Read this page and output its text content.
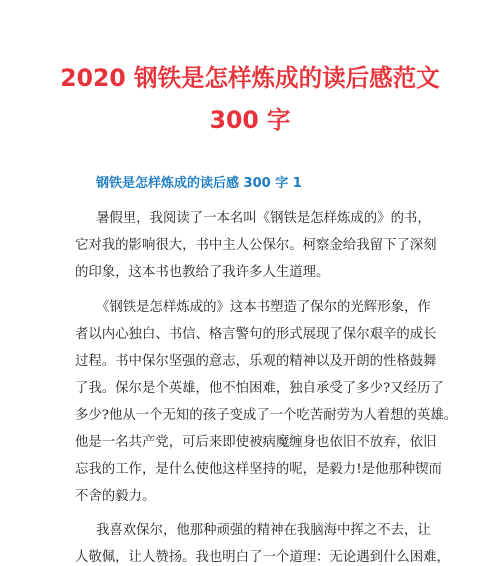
2020 钢铁是怎样炼成的读后感范文
300 字
钢铁是怎样炼成的读后感 300 字 1
暑假里，我阅读了一本名叫《钢铁是怎样炼成的》的书，
它对我的影响很大，书中主人公保尔。柯察金给我留下了深刻
的印象，这本书也教给了我许多人生道理。
《钢铁是怎样炼成的》这本书塑造了保尔的光辉形象，作
者以内心独白、书信、格言警句的形式展现了保尔艰辛的成长
过程。书中保尔坚强的意志，乐观的精神以及开朗的性格鼓舞
了我。保尔是个英雄，他不怕困难，独自承受了多少?又经历了
多少?他从一个无知的孩子变成了一个吃苦耐劳为人着想的英雄。
他是一名共产党，可后来即使被病魔缠身也依旧不放弃，依旧
忘我的工作，是什么使他这样坚持的呢，是毅力!是他那种锲而
不舍的毅力。
我喜欢保尔，他那种顽强的精神在我脑海中挥之不去，让
人敬佩，让人赞扬。我也明白了一个道理：无论遇到什么困难，
